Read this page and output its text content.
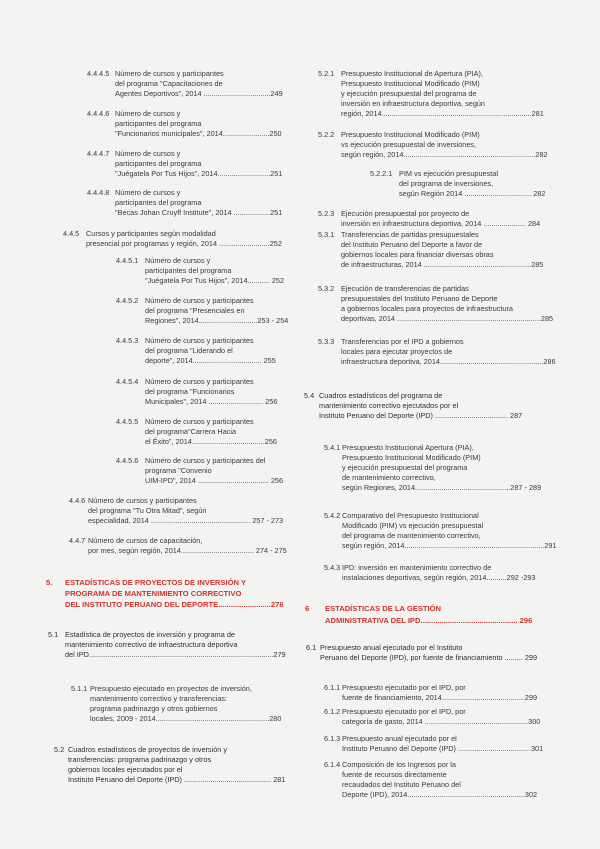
4.4.4.5 Número de cursos y participantes
del programa "Capacitaciones de
Agentes Deportivos", 2014 .................................249
4.4.4.6 Número de cursos y
participantes del programa
"Funcionarios municipales", 2014.......................250
4.4.4.7 Número de cursos y
participantes del programa
"Juégatela Por Tus Hijos", 2014..........................251
4.4.4.8 Número de cursos y
participantes del programa
"Becas Johan Cruyff Institute", 2014 ..................251
4.4.5 Cursos y participantes según modalidad
presencial por programas y región, 2014 .........................252
4.4.5.1 Número de cursos y
participantes del programa
"Juégatela Por Tus Hijos", 2014........... 252
4.4.5.2 Número de cursos y participantes
del programa "Presenciales en
Regiones", 2014.............................253 - 254
4.4.5.3 Número de cursos y participantes
del programa "Liderando el
deporte", 2014.................................. 255
4.4.5.4 Número de cursos y participantes
del programa "Funcionarios
Municipales", 2014 ........................... 256
4.4.5.5 Número de cursos y participantes
del programa"Carrera Hacia
el Éxito", 2014....................................256
4.4.5.6 Número de cursos y participantes del
programa "Convenio
UIM-IPD", 2014 ................................... 256
4.4.6 Número de cursos y participantes
del programa "Tu Otra Mitad", según
especialidad, 2014 ................................................. 257 - 273
4.4.7 Número de cursos de capacitación,
por mes, según región, 2014.................................... 274 - 275
5. ESTADÍSTICAS DE PROYECTOS DE INVERSIÓN Y
PROGRAMA DE MANTENIMIENTO CORRECTIVO
DEL INSTITUTO PERUANO DEL DEPORTE.........................276
5.1 Estadística de proyectos de inversión y programa de
mantenimiento correctivo de infraestructura deportiva
del IPD...........................................................................................279
5.1.1 Presupuesto ejecutado en proyectos de inversión,
mantenimiento correctivo y transferencias:
programa padrinazgo y otros gobiernos
locales, 2009 - 2014........................................................280
5.2 Cuadros estadísticos de proyectos de inversión y
transferencias: programa padrinazgo y otros
gobiernos locales ejecutados por el
Instituto Peruano del Deporte (IPD) ........................................... 281
5.2.1 Presupuesto Institucional de Apertura (PIA),
Presupuesto Institucional Modificado (PIM)
y ejecución presupuestal del programa de
inversión en infraestructura deportiva, según
región, 2014..........................................................................281
5.2.2 Presupuesto Institucional Modificado (PIM)
vs ejecución presupuestal de inversiones,
según región, 2014.................................................................282
5.2.2.1 PIM vs ejecución presupuestal
del programa de inversiones,
según Región 2014 ................................. 282
5.2.3 Ejecución presupuestal por proyecto de
inversión en infraestructura deportiva, 2014 ..................... 284
5.3.1 Transferencias de partidas presupuestales
del Instituto Peruano del Deporte a favor de
gobiernos locales para financiar diversas obras
de infraestructuras, 2014 .....................................................285
5.3.2 Ejecución de transferencias de partidas
presupuestales del Instituto Peruano de Deporte
a gobiernos locales para proyectos de infraestructura
deportivas, 2014 .......................................................................285
5.3.3 Transferencias por el IPD a gobiernos
locales para ejecutar proyectos de
infraestructura deportiva, 2014...................................................286
5.4 Cuadros estadísticos del programa de
mantenimiento correctivo ejecutados por el
Instituto Peruano del Deporte (IPD) .................................... 287
5.4.1 Presupuesto Institucional Apertura (PIA),
Presupuesto Institucional Modificado (PIM)
y ejecución presupuestal del programa
de mantenimiento correctivo,
según Regiones, 2014...............................................287 - 289
5.4.2 Comparativo del Presupuesto Institucional
Modificado (PIM) vs ejecución presupuestal
del programa de mantenimiento correctivo,
según región, 2014.....................................................................291
5.4.3 IPD: inversión en mantenimiento correctivo de
instalaciones deportivas, según región, 2014..........292 -293
6 ESTADÍSTICAS DE LA GESTIÓN
ADMINISTRATIVA DEL IPD.............................................. 296
6.1 Presupuesto anual ejecutado por el Instituto
Peruano del Deporte (IPD), por fuente de financiamiento ......... 299
6.1.1 Presupuesto ejecutado por el IPD, por
fuente de financiamiento, 2014.........................................299
6.1.2 Presupuesto ejecutado por el IPD, por
categoría de gasto, 2014 ...................................................300
6.1.3 Presupuesto anual ejecutado por el
Instituto Peruano del Deporte (IPD) ....................................301
6.1.4 Composición de los Ingresos por la
fuente de recursos directamente
recaudados del Instituto Peruano del
Deporte (IPD), 2014..........................................................302
